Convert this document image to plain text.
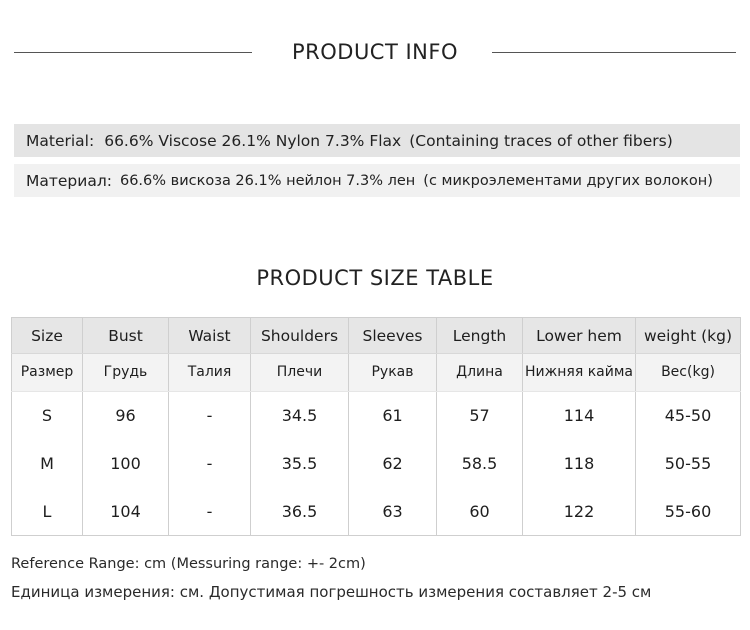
PRODUCT INFO
Material: 66.6% Viscose 26.1% Nylon 7.3% Flax (Containing traces of other fibers)
Материал: 66.6% вискоза 26.1% нейлон 7.3% лен (с микроэлементами других волокон)
PRODUCT SIZE TABLE
Size	Bust	Waist	Shoulders	Sleeves	Length	Lower hem	weight (kg)
Размер	Грудь	Талия	Плечи	Рукав	Длина	Нижняя кайма	Вес(kg)
S	96	-	34.5	61	57	114	45-50
M	100	-	35.5	62	58.5	118	50-55
L	104	-	36.5	63	60	122	55-60
Reference Range: cm (Messuring range: +- 2cm)
Единица измерения: см. Допустимая погрешность измерения составляет 2-5 см
